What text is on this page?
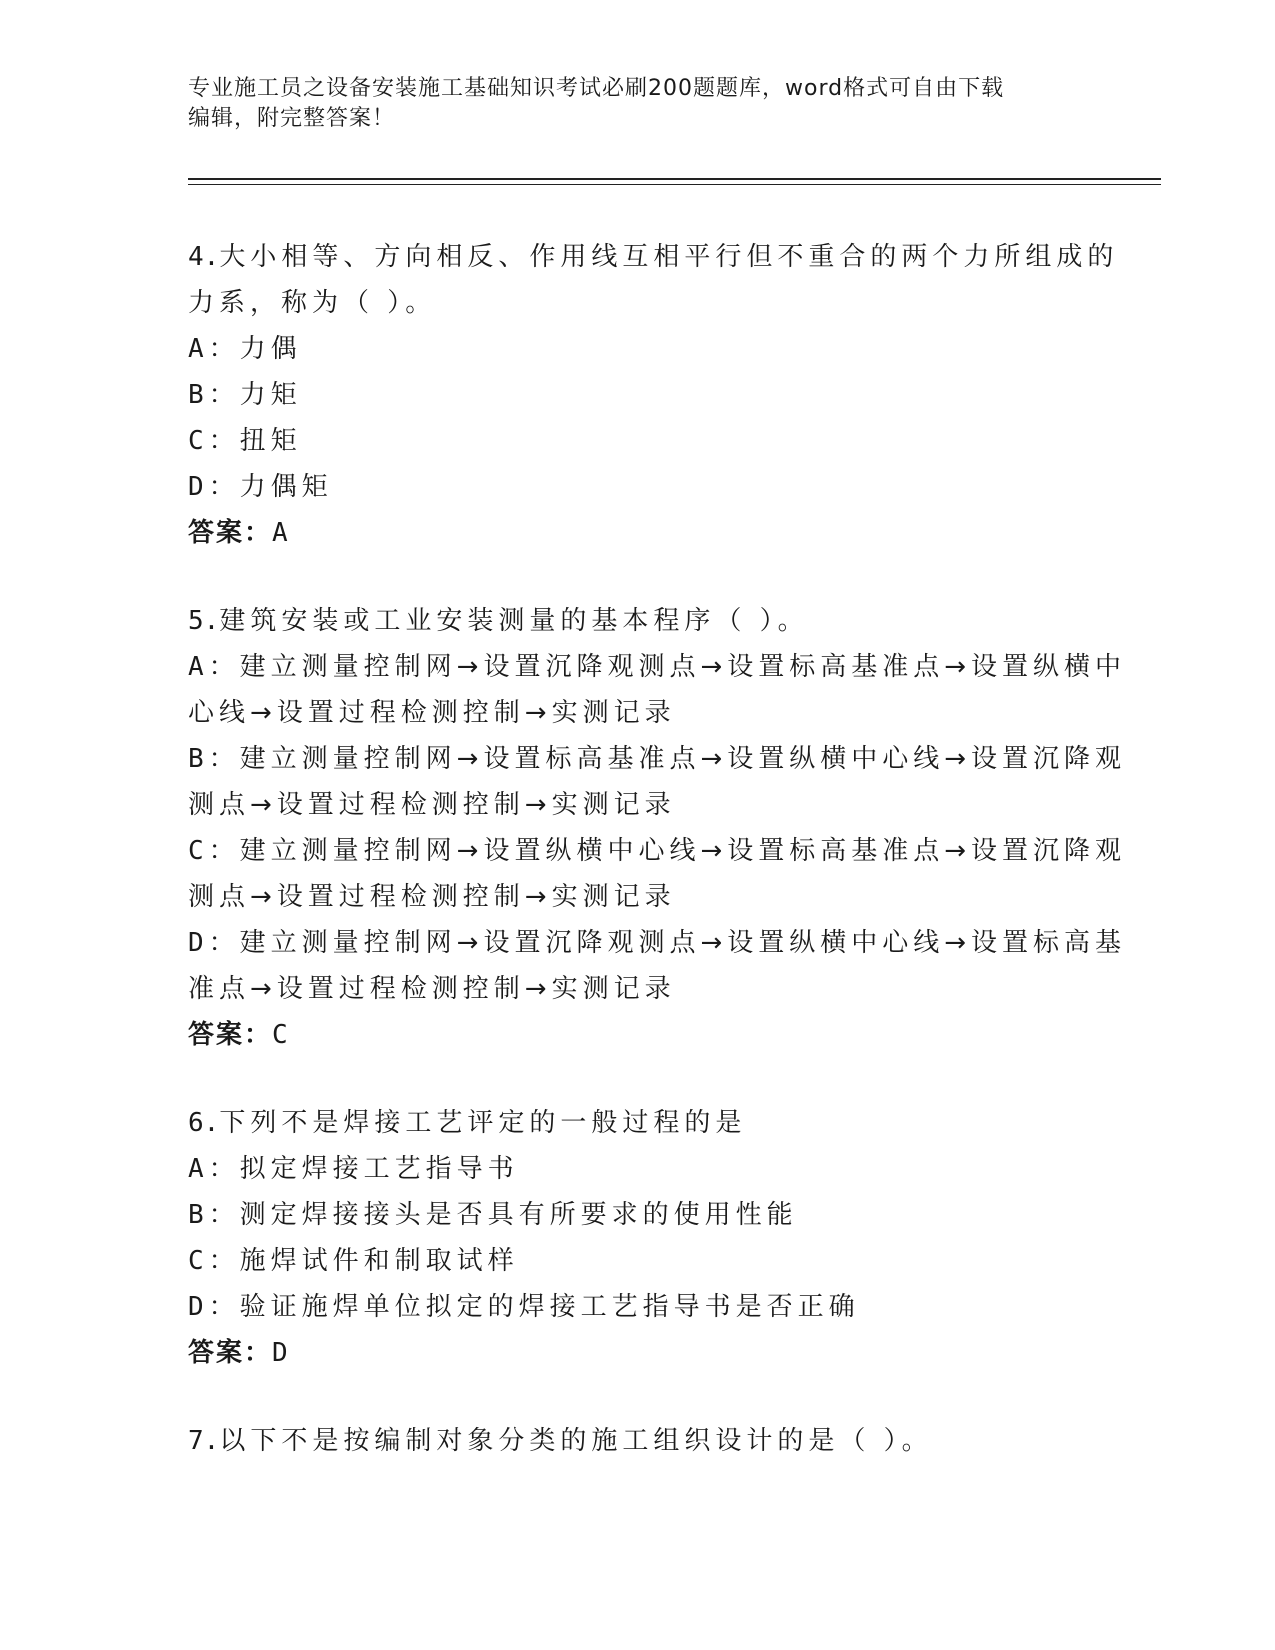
专业施工员之设备安装施工基础知识考试必刷200题题库，word格式可自由下载
编辑，附完整答案！
4.大小相等、方向相反、作用线互相平行但不重合的两个力所组成的
力系，称为（ ）。
A：力偶
B：力矩
C：扭矩
D：力偶矩
答案：A
5.建筑安装或工业安装测量的基本程序（ ）。
A：建立测量控制网→设置沉降观测点→设置标高基准点→设置纵横中
心线→设置过程检测控制→实测记录
B：建立测量控制网→设置标高基准点→设置纵横中心线→设置沉降观
测点→设置过程检测控制→实测记录
C：建立测量控制网→设置纵横中心线→设置标高基准点→设置沉降观
测点→设置过程检测控制→实测记录
D：建立测量控制网→设置沉降观测点→设置纵横中心线→设置标高基
准点→设置过程检测控制→实测记录
答案：C
6.下列不是焊接工艺评定的一般过程的是
A：拟定焊接工艺指导书
B：测定焊接接头是否具有所要求的使用性能
C：施焊试件和制取试样
D：验证施焊单位拟定的焊接工艺指导书是否正确
答案：D
7.以下不是按编制对象分类的施工组织设计的是（ ）。
